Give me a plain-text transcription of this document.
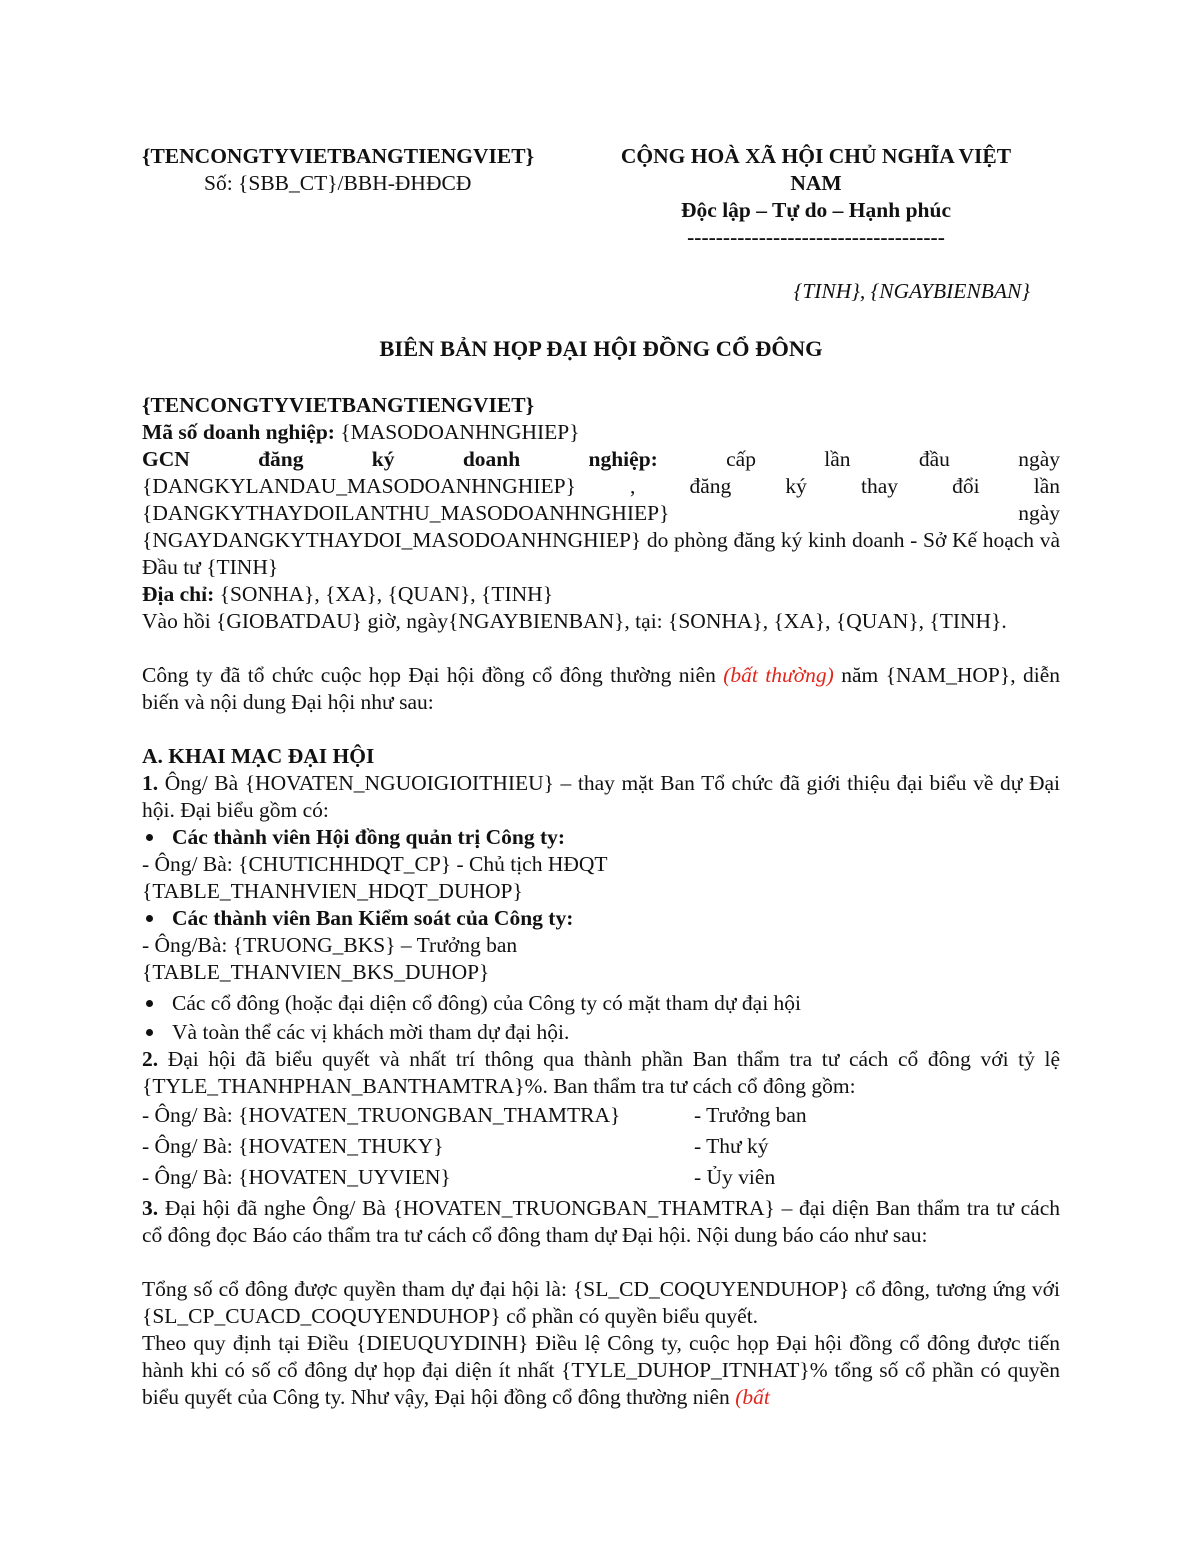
{TENCONGTYVIETBANGTIENGVIET}
Số: {SBB_CT}/BBH-ĐHĐCĐ
CỘNG HOÀ XÃ HỘI CHỦ NGHĨA VIỆT
NAM
Độc lập – Tự do – Hạnh phúc
------------------------------------
{TINH}, {NGAYBIENBAN}
BIÊN BẢN HỌP ĐẠI HỘI ĐỒNG CỔ ĐÔNG
{TENCONGTYVIETBANGTIENGVIET}
Mã số doanh nghiệp: {MASODOANHNGHIEP}
GCN đăng ký doanh nghiệp: cấp lần đầu ngày
{DANGKYLANDAU_MASODOANHNGHIEP} , đăng ký thay đổi lần
{DANGKYTHAYDOILANTHU_MASODOANHNGHIEP} ngày
{NGAYDANGKYTHAYDOI_MASODOANHNGHIEP} do phòng đăng ký kinh doanh - Sở Kế hoạch và Đầu tư {TINH}
Địa chỉ: {SONHA}, {XA}, {QUAN}, {TINH}
Vào hồi {GIOBATDAU} giờ, ngày{NGAYBIENBAN}, tại: {SONHA}, {XA}, {QUAN}, {TINH}.
Công ty đã tổ chức cuộc họp Đại hội đồng cổ đông thường niên (bất thường) năm {NAM_HOP}, diễn biến và nội dung Đại hội như sau:
A. KHAI MẠC ĐẠI HỘI
1. Ông/ Bà {HOVATEN_NGUOIGIOITHIEU} – thay mặt Ban Tổ chức đã giới thiệu đại biểu về dự Đại hội. Đại biểu gồm có:
Các thành viên Hội đồng quản trị Công ty:
- Ông/ Bà: {CHUTICHHDQT_CP} - Chủ tịch HĐQT
{TABLE_THANHVIEN_HDQT_DUHOP}
Các thành viên Ban Kiểm soát của Công ty:
- Ông/Bà: {TRUONG_BKS} – Trưởng ban
{TABLE_THANVIEN_BKS_DUHOP}
Các cổ đông (hoặc đại diện cổ đông) của Công ty có mặt tham dự đại hội
Và toàn thể các vị khách mời tham dự đại hội.
2. Đại hội đã biểu quyết và nhất trí thông qua thành phần Ban thẩm tra tư cách cổ đông với tỷ lệ {TYLE_THANHPHAN_BANTHAMTRA}%. Ban thẩm tra tư cách cổ đông gồm:
- Ông/ Bà: {HOVATEN_TRUONGBAN_THAMTRA}	- Trưởng ban
- Ông/ Bà: {HOVATEN_THUKY}	- Thư ký
- Ông/ Bà: {HOVATEN_UYVIEN}	- Ủy viên
3. Đại hội đã nghe Ông/ Bà {HOVATEN_TRUONGBAN_THAMTRA} – đại diện Ban thẩm tra tư cách cổ đông đọc Báo cáo thẩm tra tư cách cổ đông tham dự Đại hội. Nội dung báo cáo như sau:
Tổng số cổ đông được quyền tham dự đại hội là: {SL_CD_COQUYENDUHOP} cổ đông, tương ứng với {SL_CP_CUACD_COQUYENDUHOP} cổ phần có quyền biểu quyết.
Theo quy định tại Điều {DIEUQUYDINH} Điều lệ Công ty, cuộc họp Đại hội đồng cổ đông được tiến hành khi có số cổ đông dự họp đại diện ít nhất {TYLE_DUHOP_ITNHAT}% tổng số cổ phần có quyền biểu quyết của Công ty. Như vậy, Đại hội đồng cổ đông thường niên (bất
